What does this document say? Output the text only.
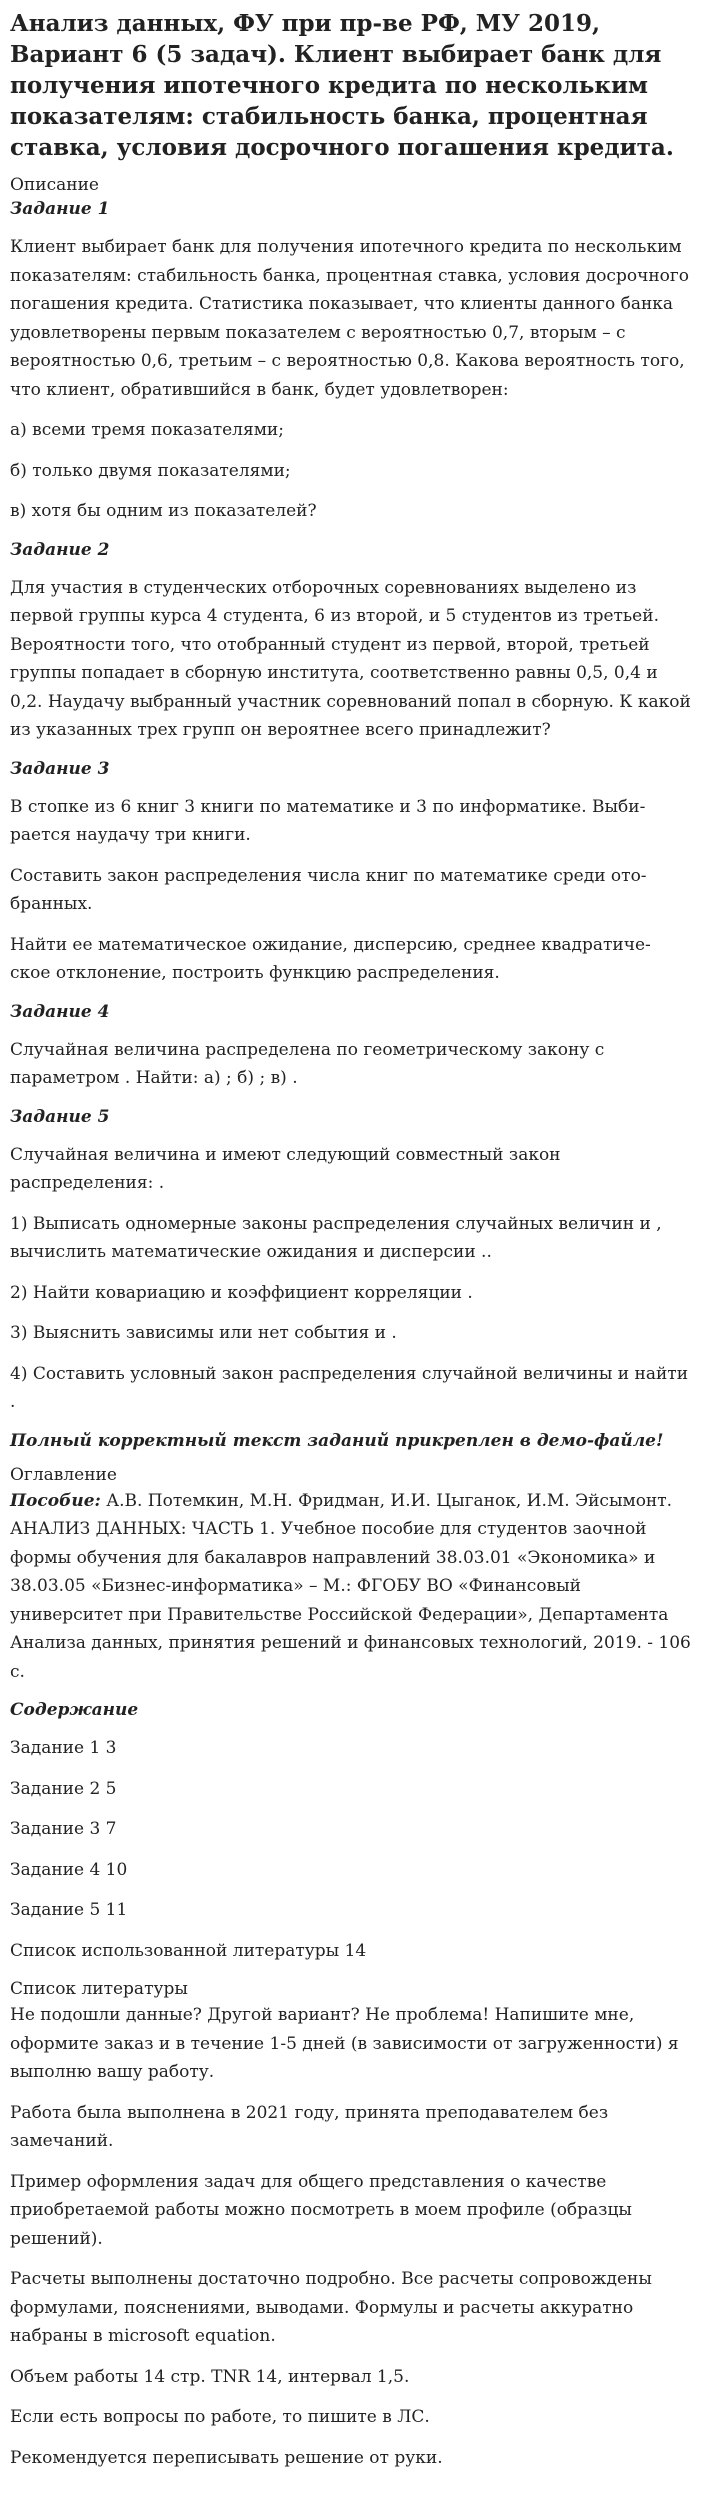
Анализ данных, ФУ при пр-ве РФ, МУ 2019, Вариант 6 (5 задач). Клиент выбирает банк для получения ипотечного кредита по нескольким показателям: стабильность банка, процентная ставка, условия досрочного погашения кредита.
Описание
Задание 1

Клиент выбирает банк для получения ипотечного кредита по нескольким показателям: стабильность банка, процентная ставка, условия досрочного погашения кредита. Статистика показывает, что клиенты данного банка удовлетворены первым показателем с вероятностью 0,7, вторым – с вероятностью 0,6, третьим – с вероятностью 0,8. Какова вероятность того, что клиент, обратившийся в банк, будет удовлетворен:

а) всеми тремя показателями;

б) только двумя показателями;

в) хотя бы одним из показателей?

Задание 2

Для участия в студенческих отборочных соревнованиях выделено из первой группы курса 4 студента, 6 из второй, и 5 студентов из третьей. Вероятности того, что отобранный студент из первой, второй, третьей группы попадает в сборную института, соответственно равны 0,5, 0,4 и 0,2. Наудачу выбранный участник соревнований попал в сборную. К какой из указанных трех групп он вероятнее всего принадлежит?

Задание 3

В стопке из 6 книг 3 книги по математике и 3 по информатике. Выби-рается наудачу три книги.

Составить закон распределения числа книг по математике среди ото-бранных.

Найти ее математическое ожидание, дисперсию, среднее квадратиче-ское отклонение, построить функцию распределения.

Задание 4

Случайная величина распределена по геометрическому закону с параметром . Найти: а) ; б) ; в) .

Задание 5

Случайная величина и имеют следующий совместный закон распределения: .

1) Выписать одномерные законы распределения случайных величин и , вычислить математические ожидания и дисперсии ..

2) Найти ковариацию и коэффициент корреляции .

3) Выяснить зависимы или нет события и .

4) Составить условный закон распределения случайной величины и найти .

Полный корректный текст заданий прикреплен в демо-файле!
Оглавление

Пособие: А.В. Потемкин, М.Н. Фридман, И.И. Цыганок, И.М. Эйсымонт. АНАЛИЗ ДАННЫХ: ЧАСТЬ 1. Учебное пособие для студентов заочной формы обучения для бакалавров направлений 38.03.01 «Экономика» и 38.03.05 «Бизнес-информатика» – М.: ФГОБУ ВО «Финансовый университет при Правительстве Российской Федерации», Департамента Анализа данных, принятия решений и финансовых технологий, 2019. - 106 с.

Содержание

Задание 1 3

Задание 2 5

Задание 3 7

Задание 4 10

Задание 5 11

Список использованной литературы 14

Список литературы

Не подошли данные? Другой вариант? Не проблема! Напишите мне, оформите заказ и в течение 1-5 дней (в зависимости от загруженности) я выполню вашу работу.

Работа была выполнена в 2021 году, принята преподавателем без замечаний.

Пример оформления задач для общего представления о качестве приобретаемой работы можно посмотреть в моем профиле (образцы решений).

Расчеты выполнены достаточно подробно. Все расчеты сопровождены формулами, пояснениями, выводами. Формулы и расчеты аккуратно набраны в microsoft equation.

Объем работы 14 стр. TNR 14, интервал 1,5.

Если есть вопросы по работе, то пишите в ЛС.

Рекомендуется переписывать решение от руки.
